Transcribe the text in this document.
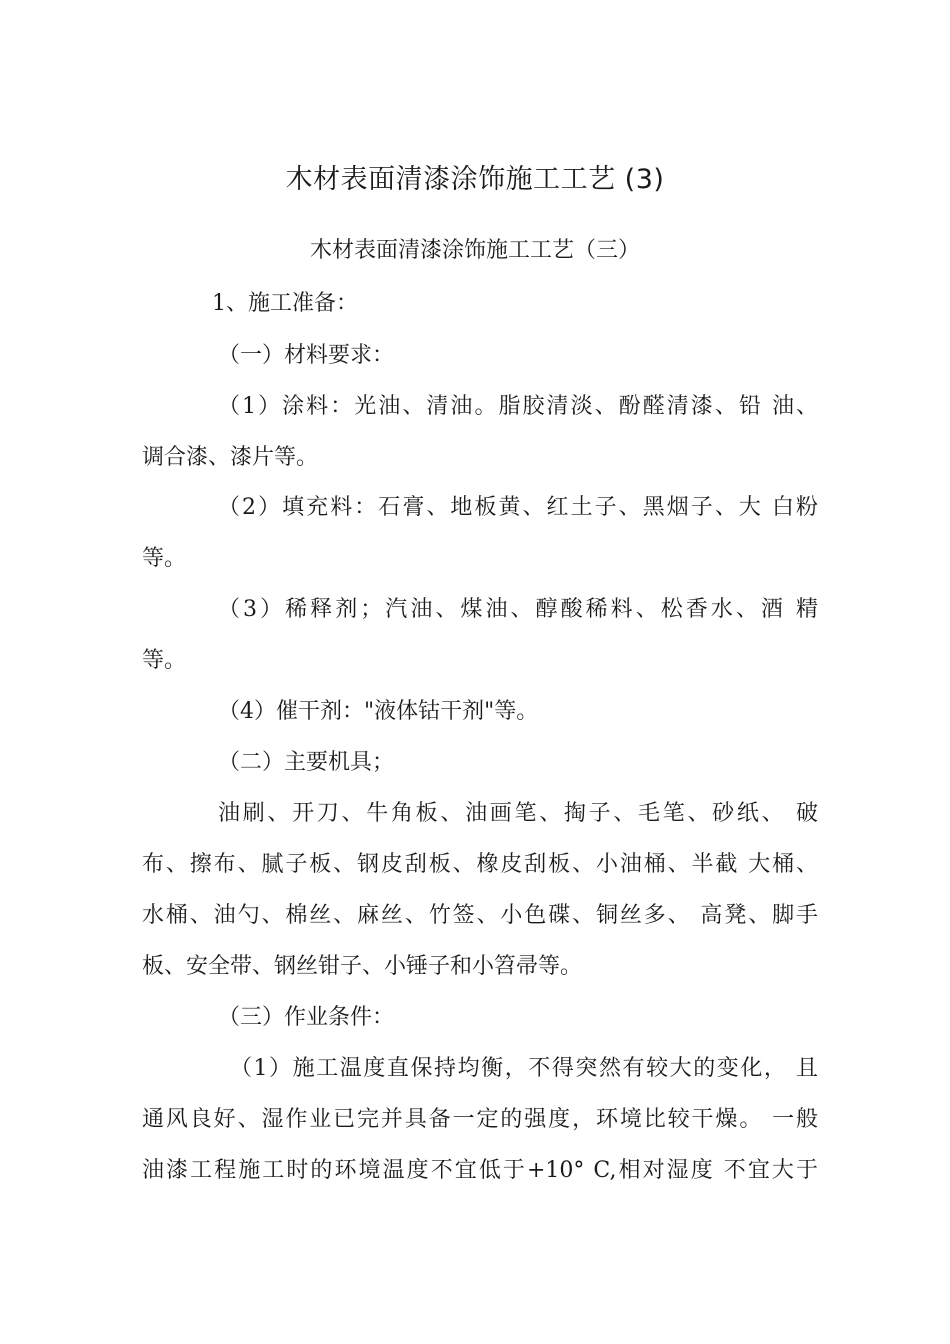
木材表面清漆涂饰施工工艺 (3)
木材表面清漆涂饰施工工艺（三）
1、施工准备：
（一）材料要求：
（1）涂料：光油、清油。脂胶清淡、酚醛清漆、铅 油、
调合漆、漆片等。
（2）填充料：石膏、地板黄、红土子、黑烟子、大 白粉
等。
（3）稀释剂；汽油、煤油、醇酸稀料、松香水、酒 精
等。
（4）催干剂："液体钴干剂"等。
（二）主要机具；
油刷、开刀、牛角板、油画笔、掏子、毛笔、砂纸、 破
布、擦布、腻子板、钢皮刮板、橡皮刮板、小油桶、半截 大桶、
水桶、油勺、棉丝、麻丝、竹签、小色碟、铜丝多、 高凳、脚手
板、安全带、钢丝钳子、小锤子和小笤帚等。
（三）作业条件：
（1）施工温度直保持均衡，不得突然有较大的变化， 且
通风良好、湿作业已完并具备一定的强度，环境比较干燥。 一般
油漆工程施工时的环境温度不宜低于+10° C,相对湿度 不宜大于
